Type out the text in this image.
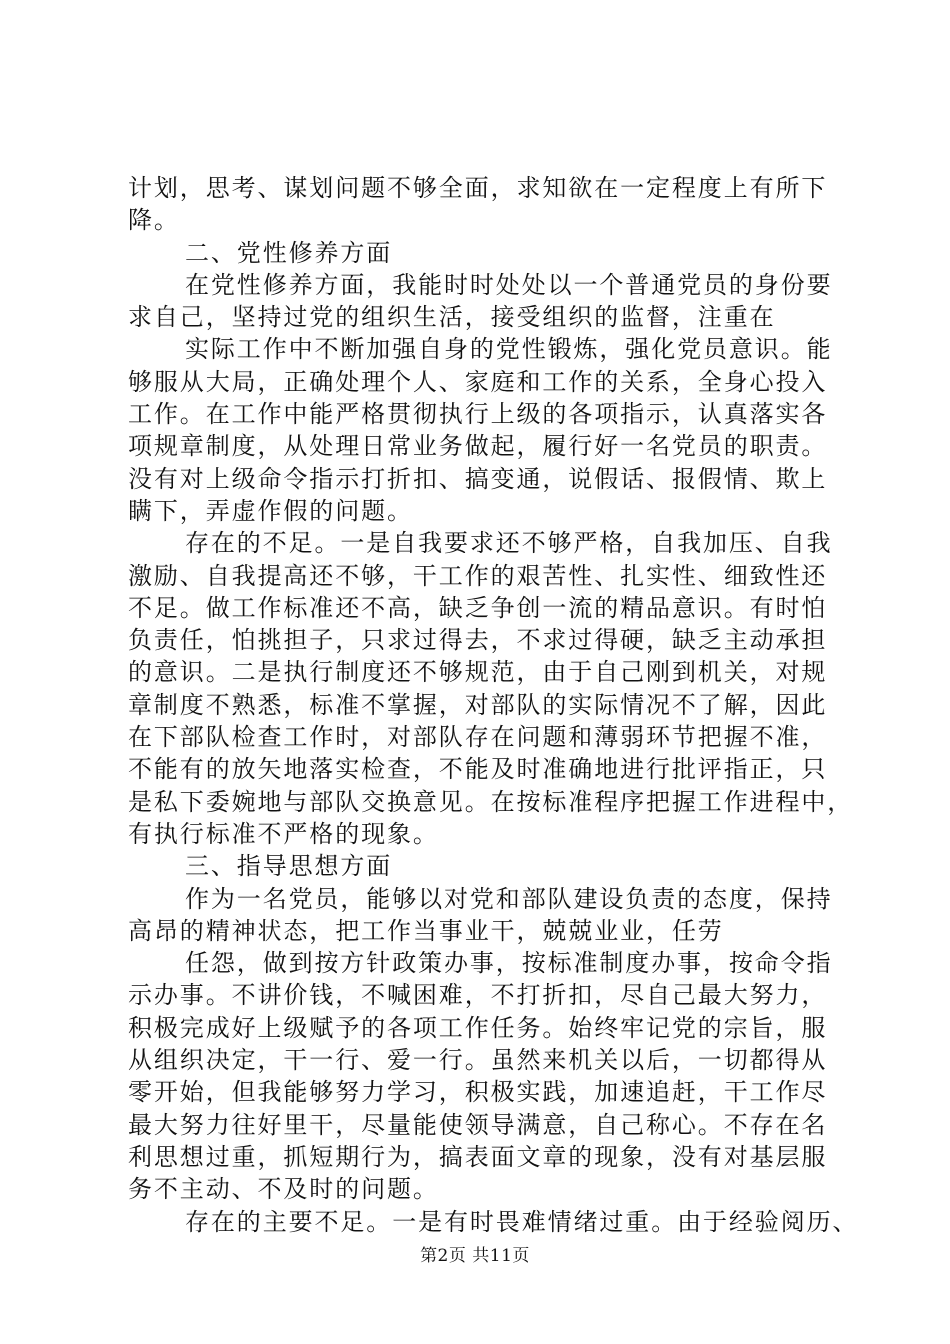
计划，思考、谋划问题不够全面，求知欲在一定程度上有所下
降。
二、党性修养方面
在党性修养方面，我能时时处处以一个普通党员的身份要
求自己，坚持过党的组织生活，接受组织的监督，注重在
实际工作中不断加强自身的党性锻炼，强化党员意识。能
够服从大局，正确处理个人、家庭和工作的关系，全身心投入
工作。在工作中能严格贯彻执行上级的各项指示，认真落实各
项规章制度，从处理日常业务做起，履行好一名党员的职责。
没有对上级命令指示打折扣、搞变通，说假话、报假情、欺上
瞒下，弄虚作假的问题。
存在的不足。一是自我要求还不够严格，自我加压、自我
激励、自我提高还不够，干工作的艰苦性、扎实性、细致性还
不足。做工作标准还不高，缺乏争创一流的精品意识。有时怕
负责任，怕挑担子，只求过得去，不求过得硬，缺乏主动承担
的意识。二是执行制度还不够规范，由于自己刚到机关，对规
章制度不熟悉，标准不掌握，对部队的实际情况不了解，因此
在下部队检查工作时，对部队存在问题和薄弱环节把握不准，
不能有的放矢地落实检查，不能及时准确地进行批评指正，只
是私下委婉地与部队交换意见。在按标准程序把握工作进程中，
有执行标准不严格的现象。
三、指导思想方面
作为一名党员，能够以对党和部队建设负责的态度，保持
高昂的精神状态，把工作当事业干，兢兢业业，任劳
任怨，做到按方针政策办事，按标准制度办事，按命令指
示办事。不讲价钱，不喊困难，不打折扣，尽自己最大努力，
积极完成好上级赋予的各项工作任务。始终牢记党的宗旨，服
从组织决定，干一行、爱一行。虽然来机关以后，一切都得从
零开始，但我能够努力学习，积极实践，加速追赶，干工作尽
最大努力往好里干，尽量能使领导满意，自己称心。不存在名
利思想过重，抓短期行为，搞表面文章的现象，没有对基层服
务不主动、不及时的问题。
存在的主要不足。一是有时畏难情绪过重。由于经验阅历、
第2页 共11页
